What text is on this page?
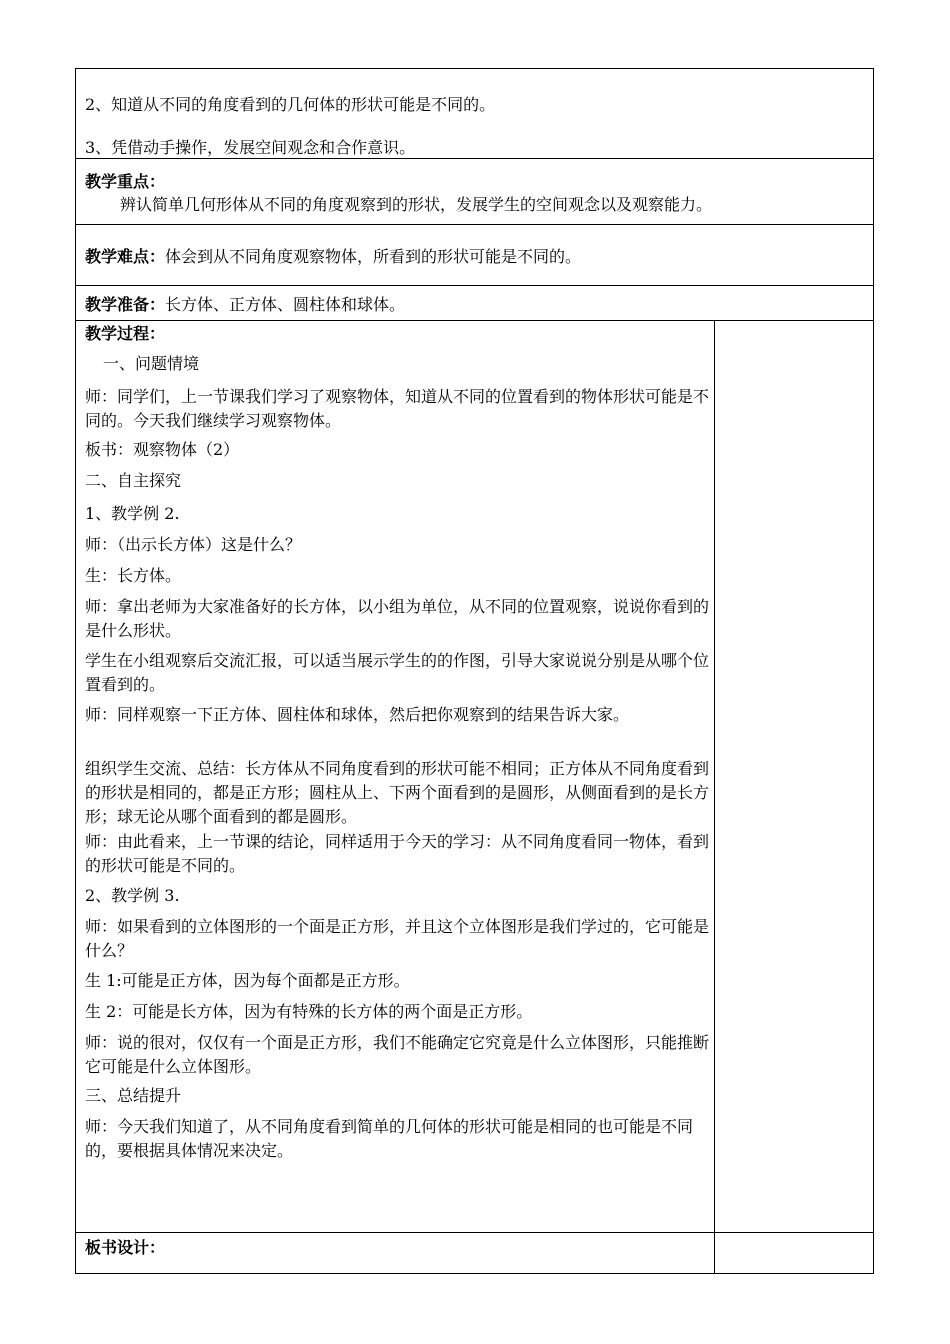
2、知道从不同的角度看到的几何体的形状可能是不同的。
3、凭借动手操作，发展空间观念和合作意识。
教学重点：
辨认简单几何形体从不同的角度观察到的形状，发展学生的空间观念以及观察能力。
教学难点：体会到从不同角度观察物体，所看到的形状可能是不同的。
教学准备：长方体、正方体、圆柱体和球体。
教学过程：

一、问题情境

师：同学们，上一节课我们学习了观察物体，知道从不同的位置看到的物体形状可能是不同的。今天我们继续学习观察物体。

板书：观察物体（2）

二、自主探究

1、教学例 2.

师：（出示长方体）这是什么？

生：长方体。

师：拿出老师为大家准备好的长方体，以小组为单位，从不同的位置观察，说说你看到的是什么形状。

学生在小组观察后交流汇报，可以适当展示学生的的作图，引导大家说说分别是从哪个位置看到的。

师：同样观察一下正方体、圆柱体和球体，然后把你观察到的结果告诉大家。

组织学生交流、总结：长方体从不同角度看到的形状可能不相同；正方体从不同角度看到的形状是相同的，都是正方形；圆柱从上、下两个面看到的是圆形，从侧面看到的是长方形；球无论从哪个面看到的都是圆形。

师：由此看来，上一节课的结论，同样适用于今天的学习：从不同角度看同一物体，看到的形状可能是不同的。

2、教学例 3.

师：如果看到的立体图形的一个面是正方形，并且这个立体图形是我们学过的，它可能是什么？

生 1:可能是正方体，因为每个面都是正方形。

生 2：可能是长方体，因为有特殊的长方体的两个面是正方形。

师：说的很对，仅仅有一个面是正方形，我们不能确定它究竟是什么立体图形，只能推断它可能是什么立体图形。

三、总结提升

师：今天我们知道了，从不同角度看到简单的几何体的形状可能是相同的也可能是不同的，要根据具体情况来决定。

板书设计：
